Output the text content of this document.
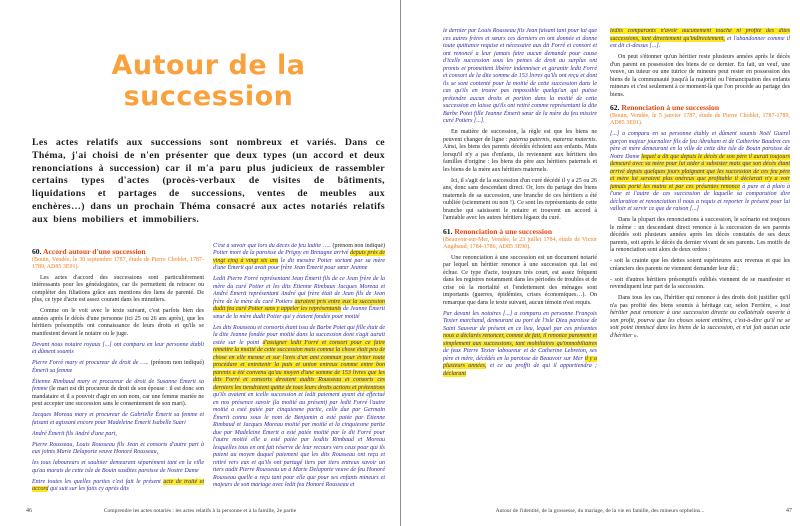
Autour de la succession

Les actes relatifs aux successions sont nombreux et variés. Dans ce Théma, j'ai choisi de n'en présenter que deux types (un accord et deux renonciations à succession) car il m'a paru plus judicieux de rassembler certains types d'actes (procès-verbaux de visites de bâtiments, liquidations et partages de successions, ventes de meubles aux enchères…) dans un prochain Théma consacré aux actes notariés relatifs aux biens mobiliers et immobiliers.

60. Accord autour d'une succession

(Bouin, Vendée, le 30 septembre 1787, étude de Pierre Choblet, 1787-1789, AD85 3E91).

Les actes d'accord des successions sont particulièrement intéressants pour les généalogistes, car ils permettent de retracer ou compléter des filiations grâce aux mentions des liens de parenté. De plus, ce type d'acte est assez courant dans les minutiers.

Comme on le voit avec le texte suivant, c'est parfois bien des années après le décès d'une personne (ici 25 ou 26 ans après), que les héritiers présomptifs ont connaissance de leurs droits et qu'ils se manifestent devant le notaire ou le juge.

Devant nous notaire royaux [...] ont comparu en leur personne établi et dûment soumis

Pierre Forré mary et procureur de droit de ….. (prénom non indiqué) Émerit sa femme

Étienne Rimbaud mary et procureur de droit de Susanne Émerit sa femme (le mari est dit procureur de droit de son épouse : il est donc son mandataire et il a pouvoir d'agir en son nom, car une femme mariée ne peut accepter une succession sans le consentement de son mari).

Jacques Moreau mary et procureur de Gabrielle Émerit sa femme et faisant et agissant encore pour Madeleine Émerit Isabelle Suari

André Émerit fils André d'une part,

Pierre Rousseau, Louis Rousseau fils Jean et consorts d'autre part à eux joints Marie Delaporte veuve Honoré Rousseau,

les tous laboureurs et saulnier demeurant séparément tant en la ville qu'au marais de cette isle de Bouin susdites paroisse de Nostre Dame

Entre toutes les quelles parties c'est fait le présent acte de traité et accord qui suit sur les faits cy après dits

C'est à savoir que lors du décès de feu ladite ….. (prénom non indiqué) Potier mort de la paroisse de Prigny en Bretagne arrivé depuis près de vingt cinq à vingt six ans le dit messire Potier sortant par sa mère d'une Émerit qui avait pour frère Jean Émerit pour sœur Jeanne

Ledit Pierre Forré représentant Jean Émerit fils de ce Jean frère de la mère du curé Potier et les dits Étienne Rimbaux Jacques Moreau et André Émerit représentant André qui frère était de Jean fils de Jean frère de la mère du curé Potiers auraient pris entre eux la succession dudit feu curé Potier sans y appeler les représentants de Jeanne Émerit sœur de la mère dudit Potier qui y étaient fondée pour moitié

Les dits Rousseau et consorts étant issu de Barbe Potet qui fille était de la dite Jeanne fondée pour moitié dans la succession dont s'agit aurait estée sur le point d'assigner ledit Forré et consort pour ce faire remettre la moitié de cette succession mais comme la chose était peu de chose en elle mesme et sur l'avis d'un ami commun pour éviter toute procédure et entretenir la paix et union entreux comme entre bon parents a été convenu qu'au moyen d'une somme de 153 livres que les dits Forré et consorts devaient audits Rousseau et consorts ces derniers les tiendraient quitte de tous leurs droits actions et prétentions qu'ils avaient en icelle succession et ledit paiement ayant été effectué en nos présence savoir (la moitié au présent) par ledit Forré l'autre moitié a esté paiée par cinquiesme partie, celle due par Germain Émerit connu sous le nom de Benjamin a esté paiée par Étienne Rimbaud et Jacques Moreau moitié par moitié et la cinquiesme partie due par Madeleine Émerit a esté paiée moitié par le dit Forré pour l'autre moitié elle a esté paiée par lesdits Rimbaud et Moreau lesquelles tous en ont fait réserve de leur recours vers ceux pour qui ils paient au moyen duquel paiement que les dits Rousseau ont reçu et retiré vers eux et qu'ils ont partagé tiers par tiers entreux savoir un tiers audit Pierre Rousseau un à Marie Delaporte veuve de feu Honoré Rousseau quelle a reçu tant pour elle que pour ses enfants mineurs et majeurs de son mariage avec ledit feu Honoré Rousseau et

Comprendre les actes notariés : les actes relatifs à la personne et à la famille, 2e partie
46

le dernier par Louis Rousseau fils Jean faisant tant pour lui que ces autres frères et sœurs ces derniers en ont donnée et donne toute quittance requise et nécessaire aux dit Forré et consort et ont renoncé a leur jamais faire aucun demande pour cause d'icelle succession sous les peines de droit au surplus ont promis et promettent libérer indemniser et garantir ledit Forré et consort de la dite somme de 153 livres qu'ils ont reçu et dont ils se sont contenté pour la moitié de cette succession dans le cas qu'ils en trouve pas impossible quelqu'un qui puisse prétendre aucun droits et portion dans la moitié de cette succession en laisse qu'ils ont retiré comme représentant la dite Barbe Potet fille Jeanne Émerit sœur de la mère du feu missire curé Potiers [...].

En matière de succession, la règle est que les biens ne peuvent changer de ligne : paterna paternis, materna maternis. Ainsi, les biens des parents décédés échoient aux enfants. Mais lorsqu'il n'y a pas d'enfants, ils reviennent aux héritiers des familles d'origine : les biens du père aux héritiers paternels et les biens de la mère aux héritiers maternels.

Ici, il s'agit de la succession d'un curé décédé il y a 25 ou 26 ans, donc sans descendant direct. Or, lors du partage des biens maternels de sa succession, une branche de ces héritiers a été oubliée (sciemment ou non !). Ce sont les représentants de cette branche qui saisissent le notaire et trouvent un accord à l'amiable avec les autres héritiers légaux du curé.

61. Renonciation à une succession

(Beauvoir-sur-Mer, Vendée, le 23 juillet 1784, étude de Victor Angibaud, 1784-1786, AD85 3E90).

Une renonciation à une succession est un document notarié par lequel un héritier renonce à une succession qui lui est échue. Ce type d'acte, toujours très court, est assez fréquent dans les registres notamment dans les périodes de troubles et de crise où la mortalité et l'endettement des ménages sont importants (guerres, épidémies, crises économiques…). On remarque que dans le texte suivant, aucun témoin n'est requis.

Par devant les notaires [...] a comparu en personne François Texier marchand, demeurant au port de l'isle Dieu paroisse de Saint Sauveur de présent en ce lieu, lequel par ces présentes nous a déclarés renoncer, comme de fait, il renonce purement et simplement aux successions, tant mobiliaires qu'immobiliaires de feux Pierre Texier laboureur et de Catherine Lebreton, ses père et mère, décédés en la paroisse de Beauvoir sur Mer il y a plusieurs années, et ce au proffit de qui il appartiendra ; déclarant

ledits comparants n'avoir aucunement touché ni profité des dites successions, tant directement qu'indirectement, et l'abandonner comme il est dit ci-dessus [...].

On peut s'étonner qu'un héritier reste plusieurs années après le décès d'un parent en possession des biens de ce dernier. En fait, un veuf, une veuve, un tuteur ou une tutrice de mineurs peut rester en possession des biens de la communauté jusqu'à la majorité ou l'émancipation des enfants mineurs et c'est seulement à ce moment-là que l'on procède au partage des biens.

62. Renonciation à une succession

(Bouin, Vendée, le 5 janvier 1787, étude de Pierre Choblet, 1787-1789, AD85 3E91).

[...] a comparu en sa personne étably et dûment soumis Noël Guerel garçon majeur journalier fils de feu Abraham et de Catherine Baudret ces père et mère demeurant en la ville de cette dite isle de Bouin paroisse de Notre Dame lequel a dit que depuis le décès de son père il aurait toujours demeuré avec sa mère pour lui aider à subsister mais que son décès étant arrivé depuis quelques jours plaignant que les succession de ces feu père et mère lui seraient plus onéreux que profitable il déclarait n'y a voir jamais porté les mains et par ces présentes renonce à pure et à plain à l'une et l'autre de ces succession de laquelle sa comparution dire déclaration et renonciation il nous a requis et reporter le présent pour lui valloir et servir ce que de raison [...]

Dans la plupart des renonciations à succession, le scénario est toujours le même : un descendant direct renonce à la succession de ses parents décédés soit plusieurs années après les décès constatés de ses deux parents, soit après le décès du dernier vivant de ses parents. Les motifs de la renonciation sont alors de deux ordres :

- soit la crainte que les dettes soient supérieures aux revenus et que les créanciers des parents ne viennent demander leur dû ;

- soit d'autres héritiers présomptifs oubliés viennent de se manifester et revendiquent leur part de la succession.

Dans tous les cas, l'héritier qui renonce à des droits doit justifier qu'il n'a pas profité des biens soumis à héritage car, selon Ferrière, « tout héritier peut renoncer à une succession directe ou collatérale ouverte à son profit, pourvu que les choses soient entières, c'est-à-dire qu'il ne se soit point immiscé dans les biens de la succession, et n'ai fait aucun acte d'héritier ».

Autour de l'identité, de la grossesse, du mariage, de la vie en famille, des mineurs orphelins...	47
